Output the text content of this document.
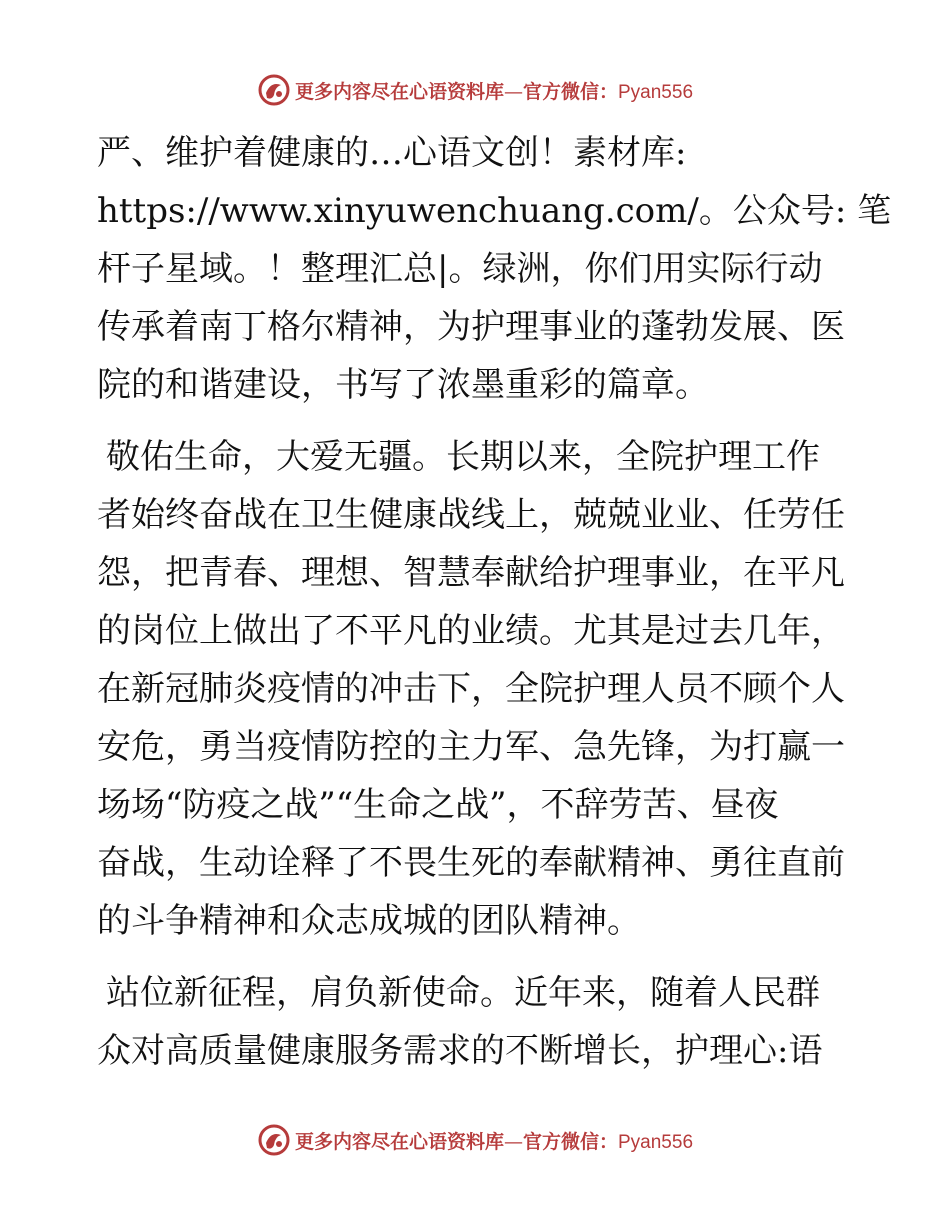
更多内容尽在心语资料库—官方微信：Pyan556

严、维护着健康的…心语文创！素材库:
https://www.xinyuwenchuang.com/。公众号: 笔
杆子星域。！整理汇总|。绿洲，你们用实际行动
传承着南丁格尔精神，为护理事业的蓬勃发展、医
院的和谐建设，书写了浓墨重彩的篇章。

敬佑生命，大爱无疆。长期以来，全院护理工作
者始终奋战在卫生健康战线上，兢兢业业、任劳任
怨，把青春、理想、智慧奉献给护理事业，在平凡
的岗位上做出了不平凡的业绩。尤其是过去几年，
在新冠肺炎疫情的冲击下，全院护理人员不顾个人
安危，勇当疫情防控的主力军、急先锋，为打赢一
场场“防疫之战”“生命之战”，不辞劳苦、昼夜
奋战，生动诠释了不畏生死的奉献精神、勇往直前
的斗争精神和众志成城的团队精神。

站位新征程，肩负新使命。近年来，随着人民群
众对高质量健康服务需求的不断增长，护理心:语

更多内容尽在心语资料库—官方微信：Pyan556
